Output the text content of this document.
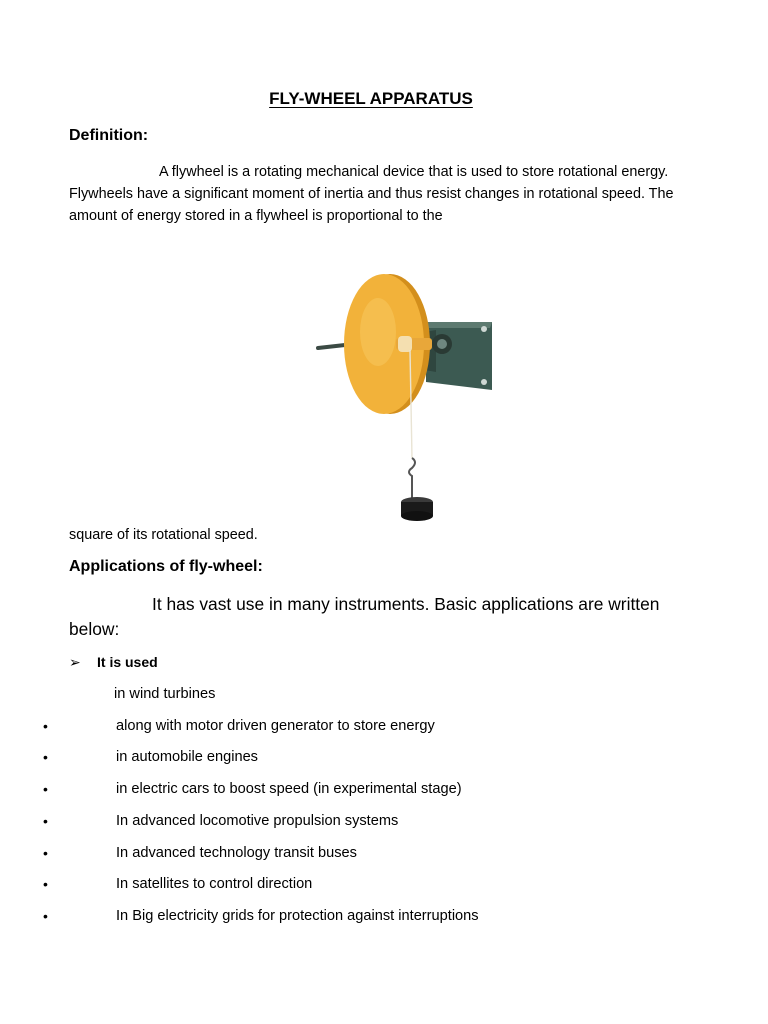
FLY-WHEEL APPARATUS
Definition:

A flywheel is a rotating mechanical device that is used to store rotational energy. Flywheels have a significant moment of inertia and thus resist changes in rotational speed. The amount of energy stored in a flywheel is proportional to the

square of its rotational speed.

Applications of fly-wheel:

It has vast use in many instruments. Basic applications are written below:

➢ It is used
in wind turbines
•	along with motor driven generator to store energy
•	in automobile engines
•	in electric cars to boost speed (in experimental stage)
•	In advanced locomotive propulsion systems
•	In advanced technology transit buses
•	In satellites to control direction
•	In Big electricity grids for protection against interruptions
